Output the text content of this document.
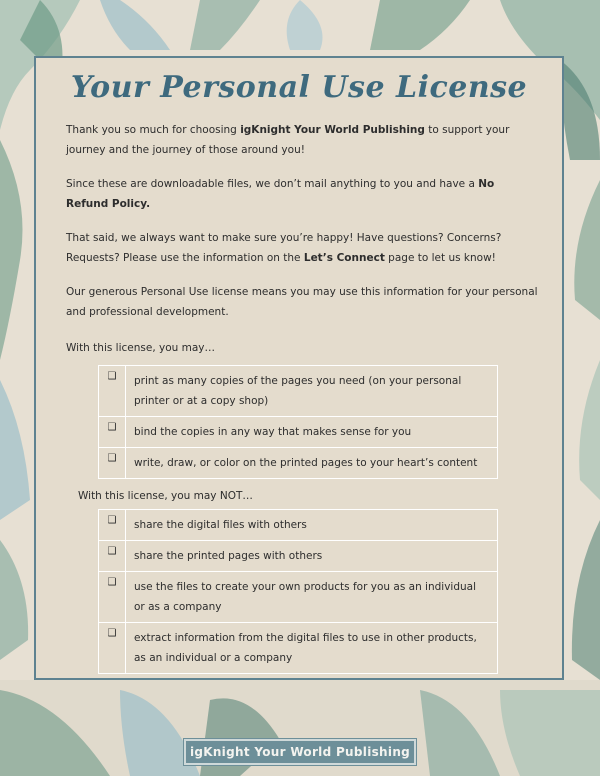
Your Personal Use License
Thank you so much for choosing igKnight Your World Publishing to support your journey and the journey of those around you!
Since these are downloadable files, we don’t mail anything to you and have a No Refund Policy.
That said, we always want to make sure you’re happy! Have questions? Concerns? Requests? Please use the information on the Let’s Connect page to let us know!
Our generous Personal Use license means you may use this information for your personal and professional development.
With this license, you may…
❑	print as many copies of the pages you need (on your personal printer or at a copy shop)
❑	bind the copies in any way that makes sense for you
❑	write, draw, or color on the printed pages to your heart’s content
With this license, you may NOT…
❑	share the digital files with others
❑	share the printed pages with others
❑	use the files to create your own products for you as an individual or as a company
❑	extract information from the digital files to use in other products, as an individual or a company
igKnight Your World Publishing
